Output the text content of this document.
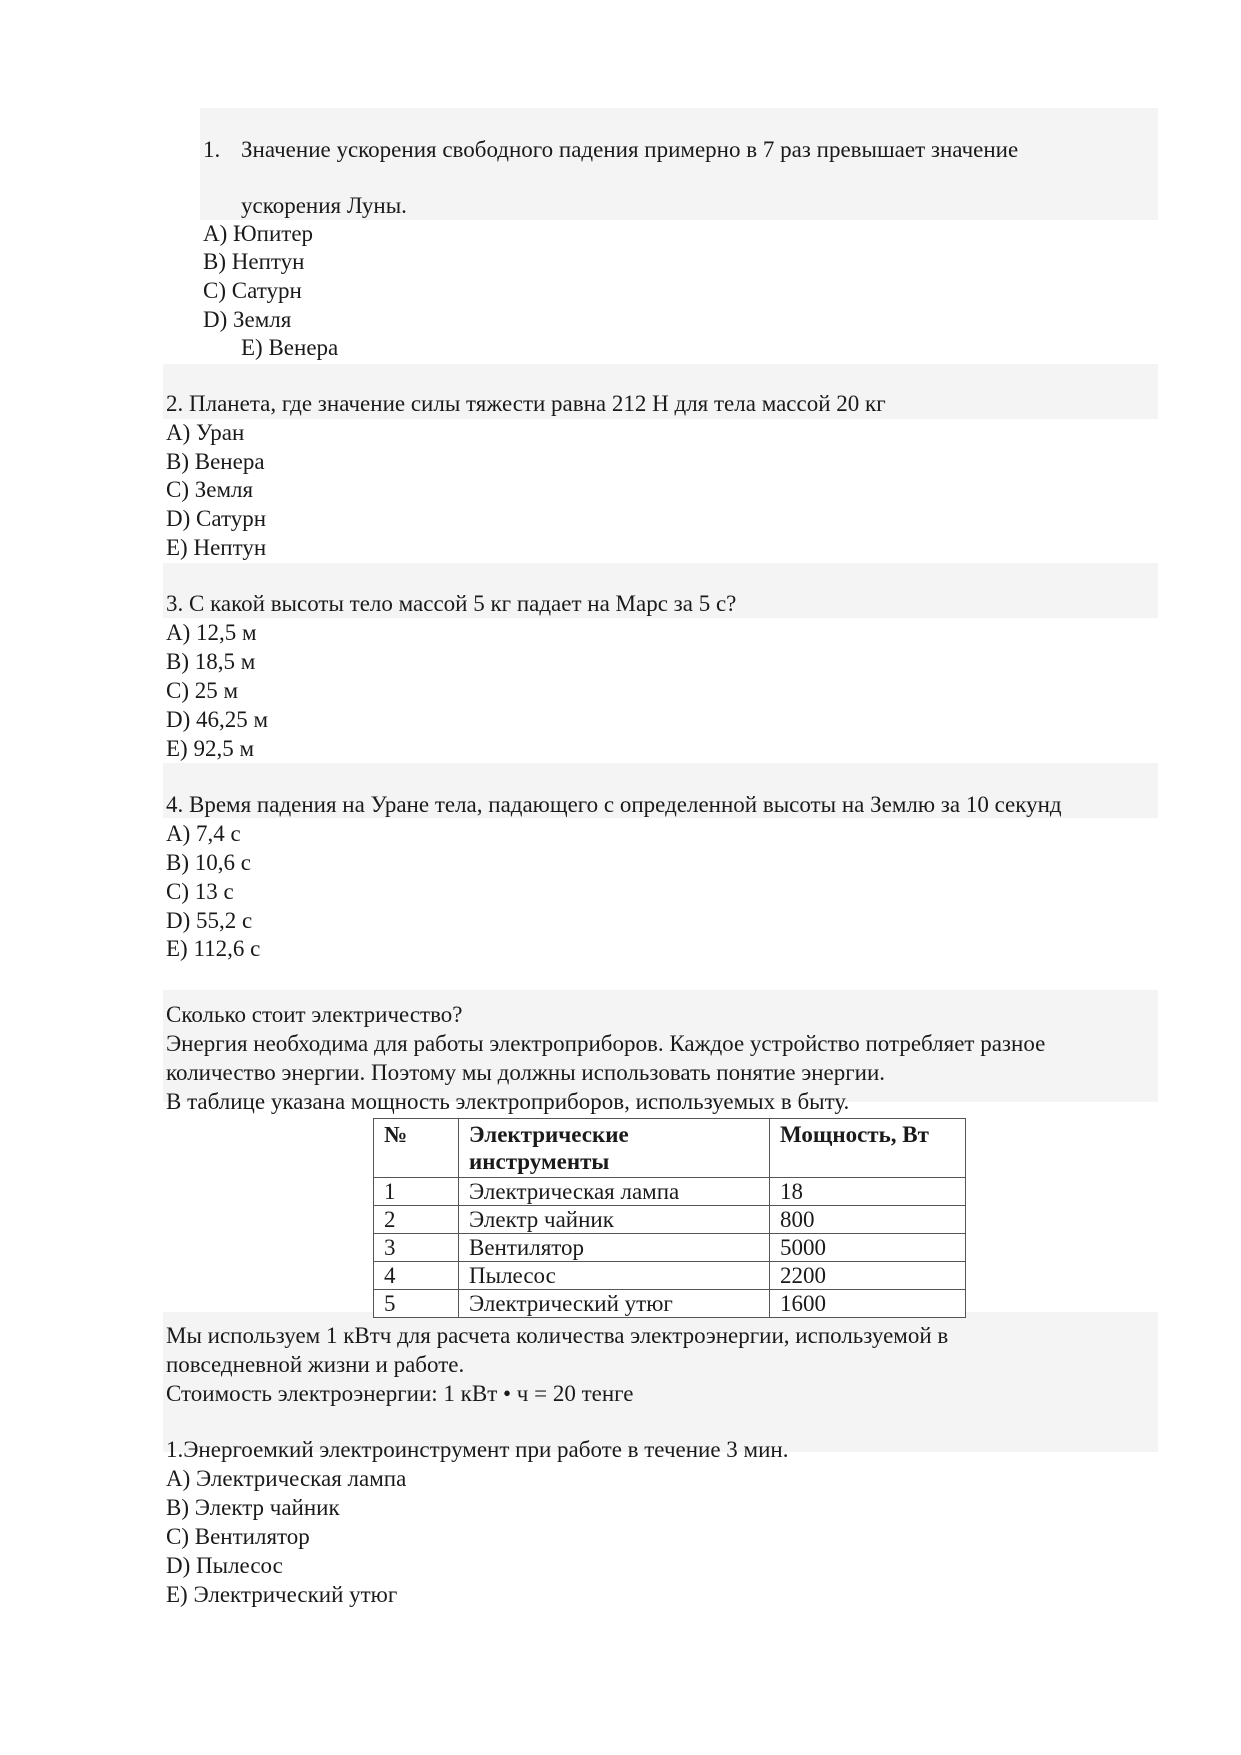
1. Значение ускорения свободного падения примерно в 7 раз превышает значение
ускорения Луны.
A) Юпитер
B) Нептун
C) Сатурн
D) Земля
E) Венера
2. Планета, где значение силы тяжести равна 212 Н для тела массой 20 кг
А) Уран
B) Венера
C) Земля
D) Сатурн
E) Нептун
3. С какой высоты тело массой 5 кг падает на Марс за 5 с?
A) 12,5 м
B) 18,5 м
C) 25 м
D) 46,25 м
E) 92,5 м
4. Время падения на Уране тела, падающего с определенной высоты на Землю за 10 секунд
A) 7,4 с
B) 10,6 с
C) 13 с
D) 55,2 с
E) 112,6 с
Сколько стоит электричество?
Энергия необходима для работы электроприборов. Каждое устройство потребляет разное
количество энергии. Поэтому мы должны использовать понятие энергии.
В таблице указана мощность электроприборов, используемых в быту.
№	Электрические инструменты	Мощность, Вт
1	Электрическая лампа	18
2	Электр чайник	800
3	Вентилятор	5000
4	Пылесос	2200
5	Электрический утюг	1600
Мы используем 1 кВтч для расчета количества электроэнергии, используемой в
повседневной жизни и работе.
Стоимость электроэнергии: 1 кВт • ч = 20 тенге
1.Энергоемкий электроинструмент при работе в течение 3 мин.
A) Электрическая лампа
B) Электр чайник
C) Вентилятор
D) Пылесос
E) Электрический утюг
